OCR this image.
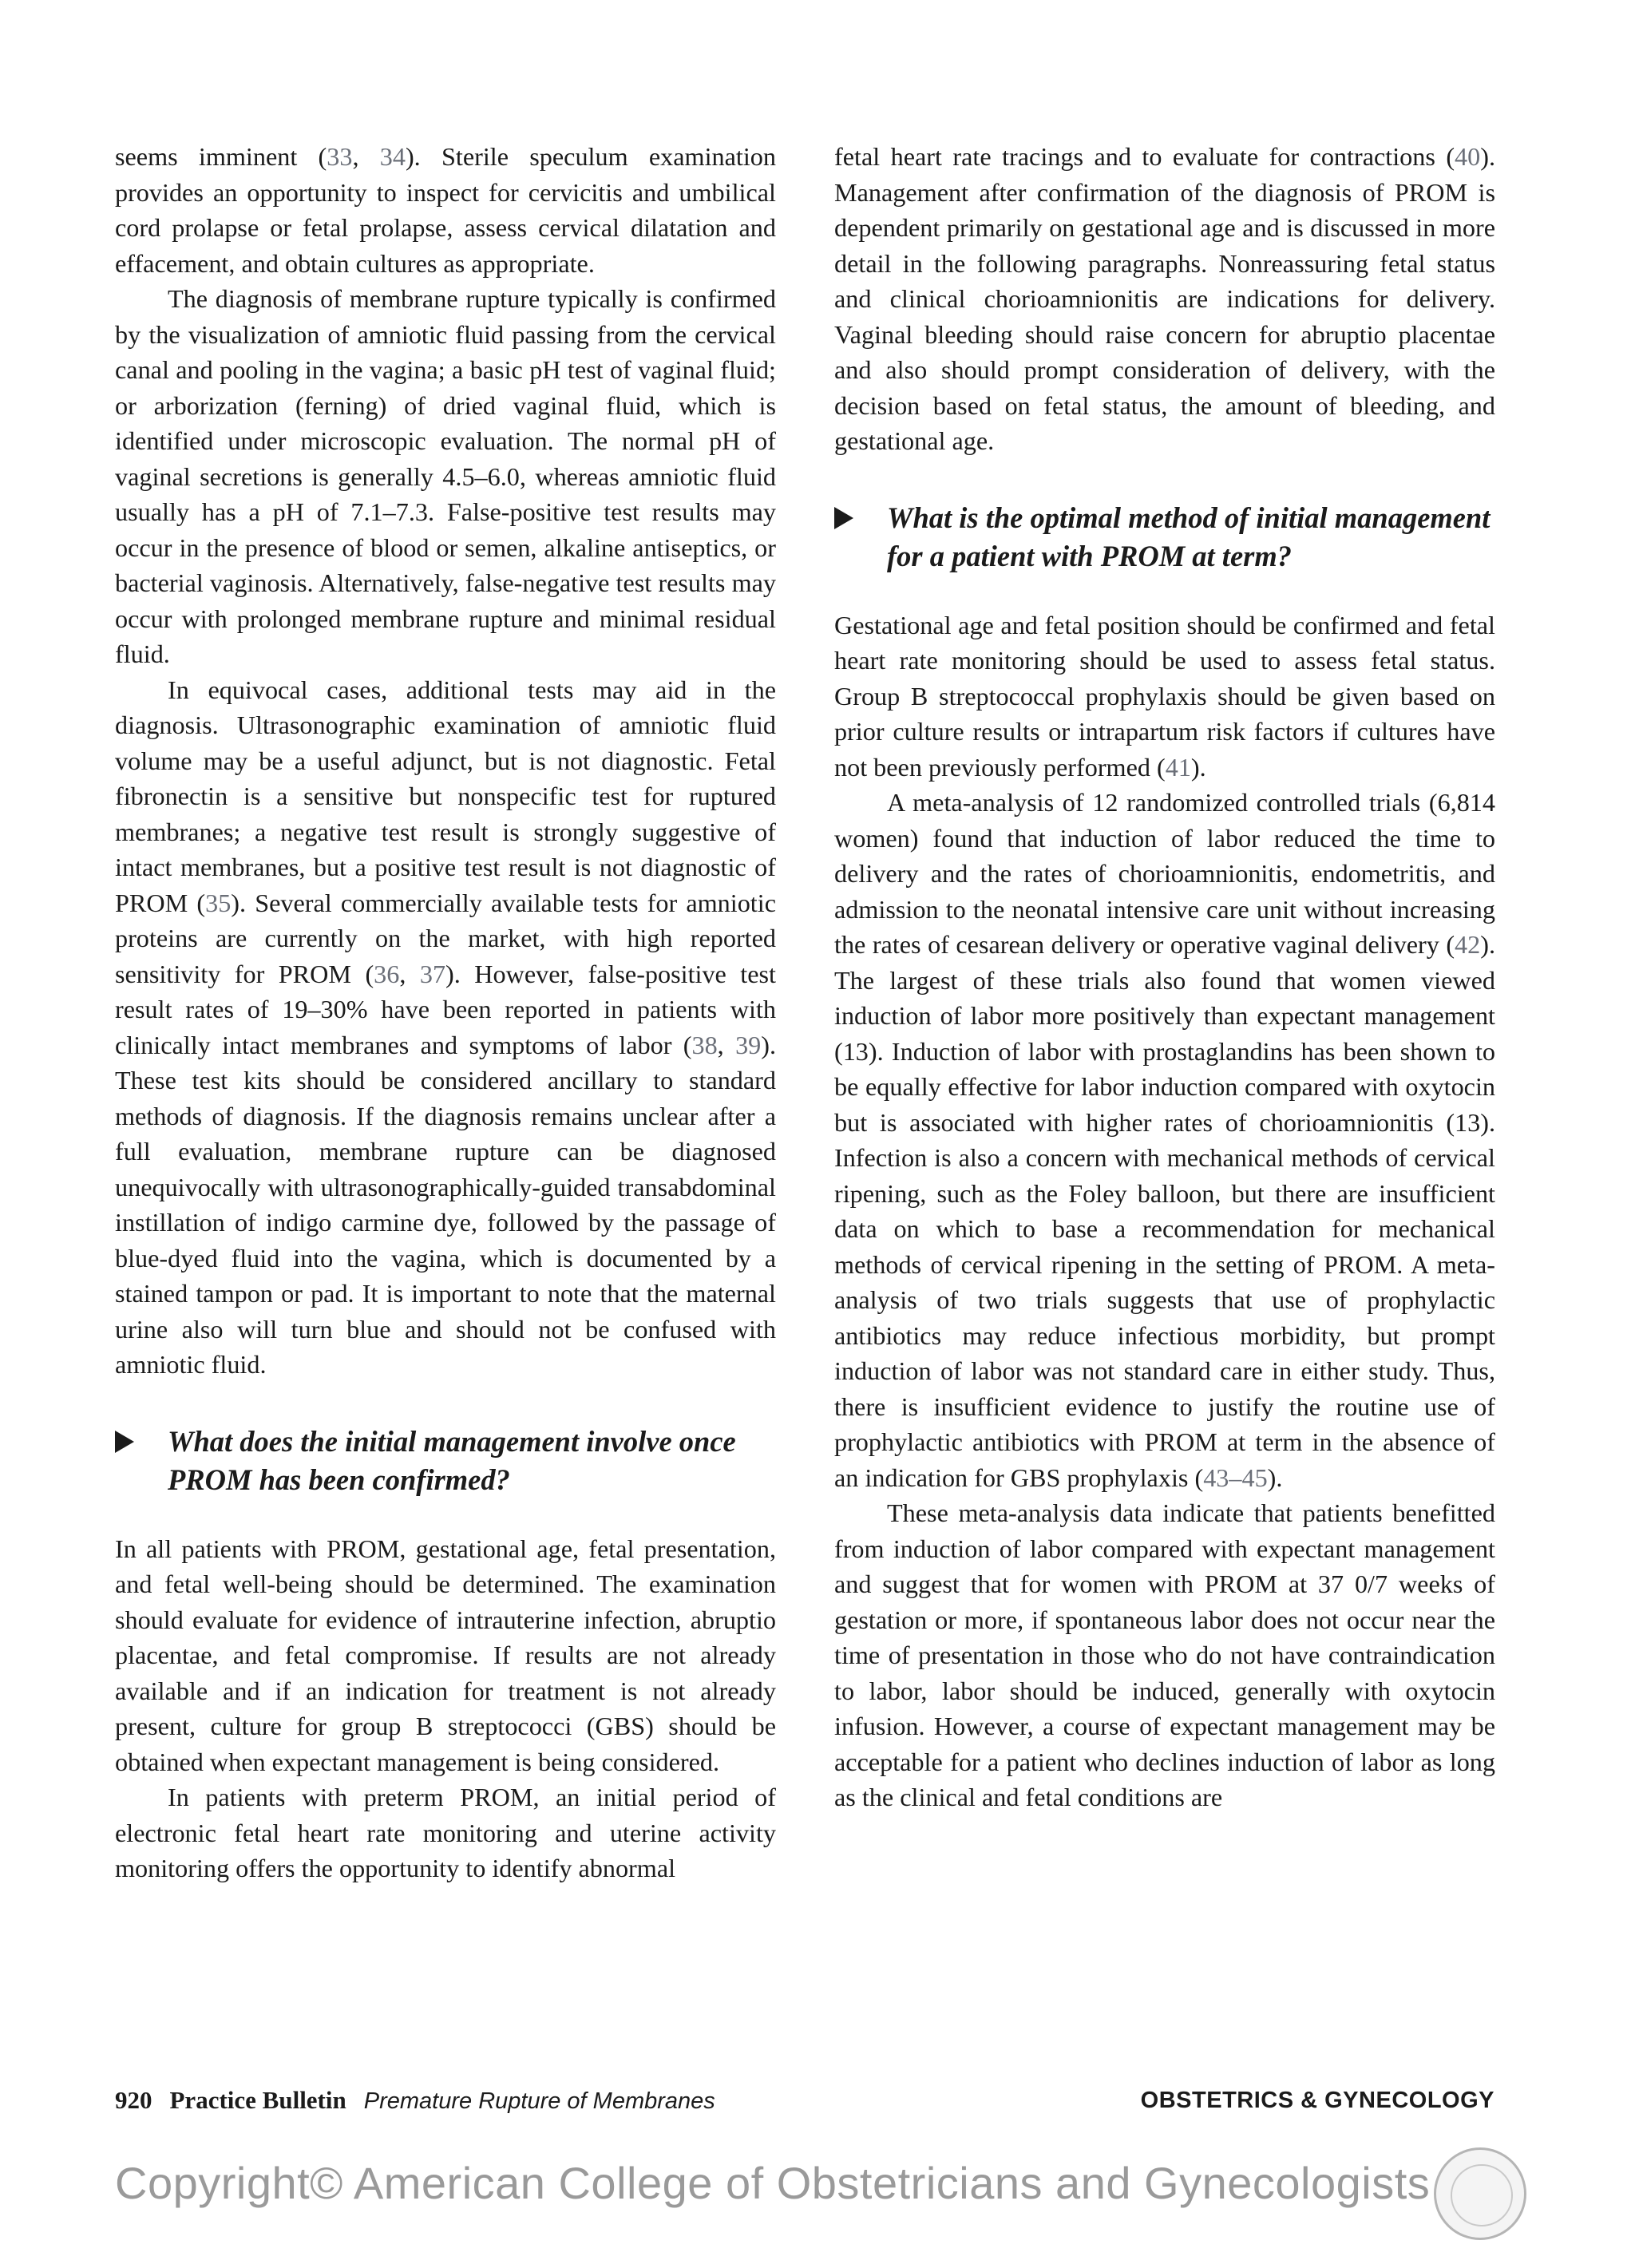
seems imminent (33, 34). Sterile speculum examination provides an opportunity to inspect for cervicitis and umbilical cord prolapse or fetal prolapse, assess cervical dilatation and effacement, and obtain cultures as appropriate.

The diagnosis of membrane rupture typically is confirmed by the visualization of amniotic fluid passing from the cervical canal and pooling in the vagina; a basic pH test of vaginal fluid; or arborization (ferning) of dried vaginal fluid, which is identified under microscopic evaluation. The normal pH of vaginal secretions is generally 4.5–6.0, whereas amniotic fluid usually has a pH of 7.1–7.3. False-positive test results may occur in the presence of blood or semen, alkaline antiseptics, or bacterial vaginosis. Alternatively, false-negative test results may occur with prolonged membrane rupture and minimal residual fluid.

In equivocal cases, additional tests may aid in the diagnosis. Ultrasonographic examination of amniotic fluid volume may be a useful adjunct, but is not diagnostic. Fetal fibronectin is a sensitive but nonspecific test for ruptured membranes; a negative test result is strongly suggestive of intact membranes, but a positive test result is not diagnostic of PROM (35). Several commercially available tests for amniotic proteins are currently on the market, with high reported sensitivity for PROM (36, 37). However, false-positive test result rates of 19–30% have been reported in patients with clinically intact membranes and symptoms of labor (38, 39). These test kits should be considered ancillary to standard methods of diagnosis. If the diagnosis remains unclear after a full evaluation, membrane rupture can be diagnosed unequivocally with ultrasonographically-guided transabdominal instillation of indigo carmine dye, followed by the passage of blue-dyed fluid into the vagina, which is documented by a stained tampon or pad. It is important to note that the maternal urine also will turn blue and should not be confused with amniotic fluid.

What does the initial management involve once PROM has been confirmed?

In all patients with PROM, gestational age, fetal presentation, and fetal well-being should be determined. The examination should evaluate for evidence of intrauterine infection, abruptio placentae, and fetal compromise. If results are not already available and if an indication for treatment is not already present, culture for group B streptococci (GBS) should be obtained when expectant management is being considered.

In patients with preterm PROM, an initial period of electronic fetal heart rate monitoring and uterine activity monitoring offers the opportunity to identify abnormal

fetal heart rate tracings and to evaluate for contractions (40). Management after confirmation of the diagnosis of PROM is dependent primarily on gestational age and is discussed in more detail in the following paragraphs. Nonreassuring fetal status and clinical chorioamnionitis are indications for delivery. Vaginal bleeding should raise concern for abruptio placentae and also should prompt consideration of delivery, with the decision based on fetal status, the amount of bleeding, and gestational age.

What is the optimal method of initial management for a patient with PROM at term?

Gestational age and fetal position should be confirmed and fetal heart rate monitoring should be used to assess fetal status. Group B streptococcal prophylaxis should be given based on prior culture results or intrapartum risk factors if cultures have not been previously performed (41).

A meta-analysis of 12 randomized controlled trials (6,814 women) found that induction of labor reduced the time to delivery and the rates of chorioamnionitis, endometritis, and admission to the neonatal intensive care unit without increasing the rates of cesarean delivery or operative vaginal delivery (42). The largest of these trials also found that women viewed induction of labor more positively than expectant management (13). Induction of labor with prostaglandins has been shown to be equally effective for labor induction compared with oxytocin but is associated with higher rates of chorioamnionitis (13). Infection is also a concern with mechanical methods of cervical ripening, such as the Foley balloon, but there are insufficient data on which to base a recommendation for mechanical methods of cervical ripening in the setting of PROM. A meta-analysis of two trials suggests that use of prophylactic antibiotics may reduce infectious morbidity, but prompt induction of labor was not standard care in either study. Thus, there is insufficient evidence to justify the routine use of prophylactic antibiotics with PROM at term in the absence of an indication for GBS prophylaxis (43–45).

These meta-analysis data indicate that patients benefitted from induction of labor compared with expectant management and suggest that for women with PROM at 37 0/7 weeks of gestation or more, if spontaneous labor does not occur near the time of presentation in those who do not have contraindication to labor, labor should be induced, generally with oxytocin infusion. However, a course of expectant management may be acceptable for a patient who declines induction of labor as long as the clinical and fetal conditions are

920 Practice Bulletin Premature Rupture of Membranes	OBSTETRICS & GYNECOLOGY
Copyright© American College of Obstetricians and Gynecologists
